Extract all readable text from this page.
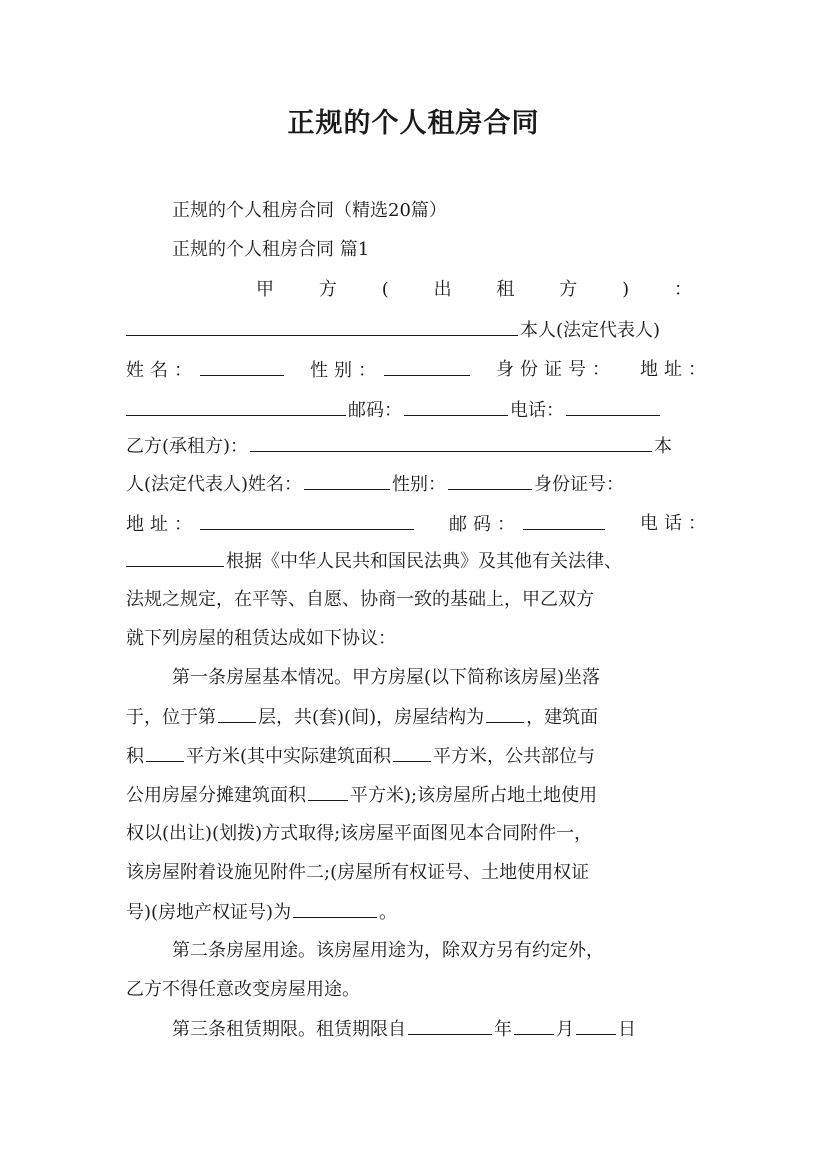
正规的个人租房合同
正规的个人租房合同（精选20篇）
正规的个人租房合同 篇1
甲 方 ( 出 租 方 ) ：
本人(法定代表人)
姓名：	性别：	身份证号： 地址：
邮码：	电话：
乙方(承租方)：	本
人(法定代表人)姓名：	性别：	身份证号：
地址：	邮码：	电话：
根据《中华人民共和国民法典》及其他有关法律、
法规之规定，在平等、自愿、协商一致的基础上，甲乙双方
就下列房屋的租赁达成如下协议：
第一条房屋基本情况。甲方房屋(以下简称该房屋)坐落
于，位于第 层，共(套)(间)，房屋结构为 ，建筑面
积 平方米(其中实际建筑面积 平方米，公共部位与
公用房屋分摊建筑面积 平方米);该房屋所占地土地使用
权以(出让)(划拨)方式取得;该房屋平面图见本合同附件一，
该房屋附着设施见附件二;(房屋所有权证号、土地使用权证
号)(房地产权证号)为	。
第二条房屋用途。该房屋用途为，除双方另有约定外，
乙方不得任意改变房屋用途。
第三条租赁期限。租赁期限自	年 月 日
